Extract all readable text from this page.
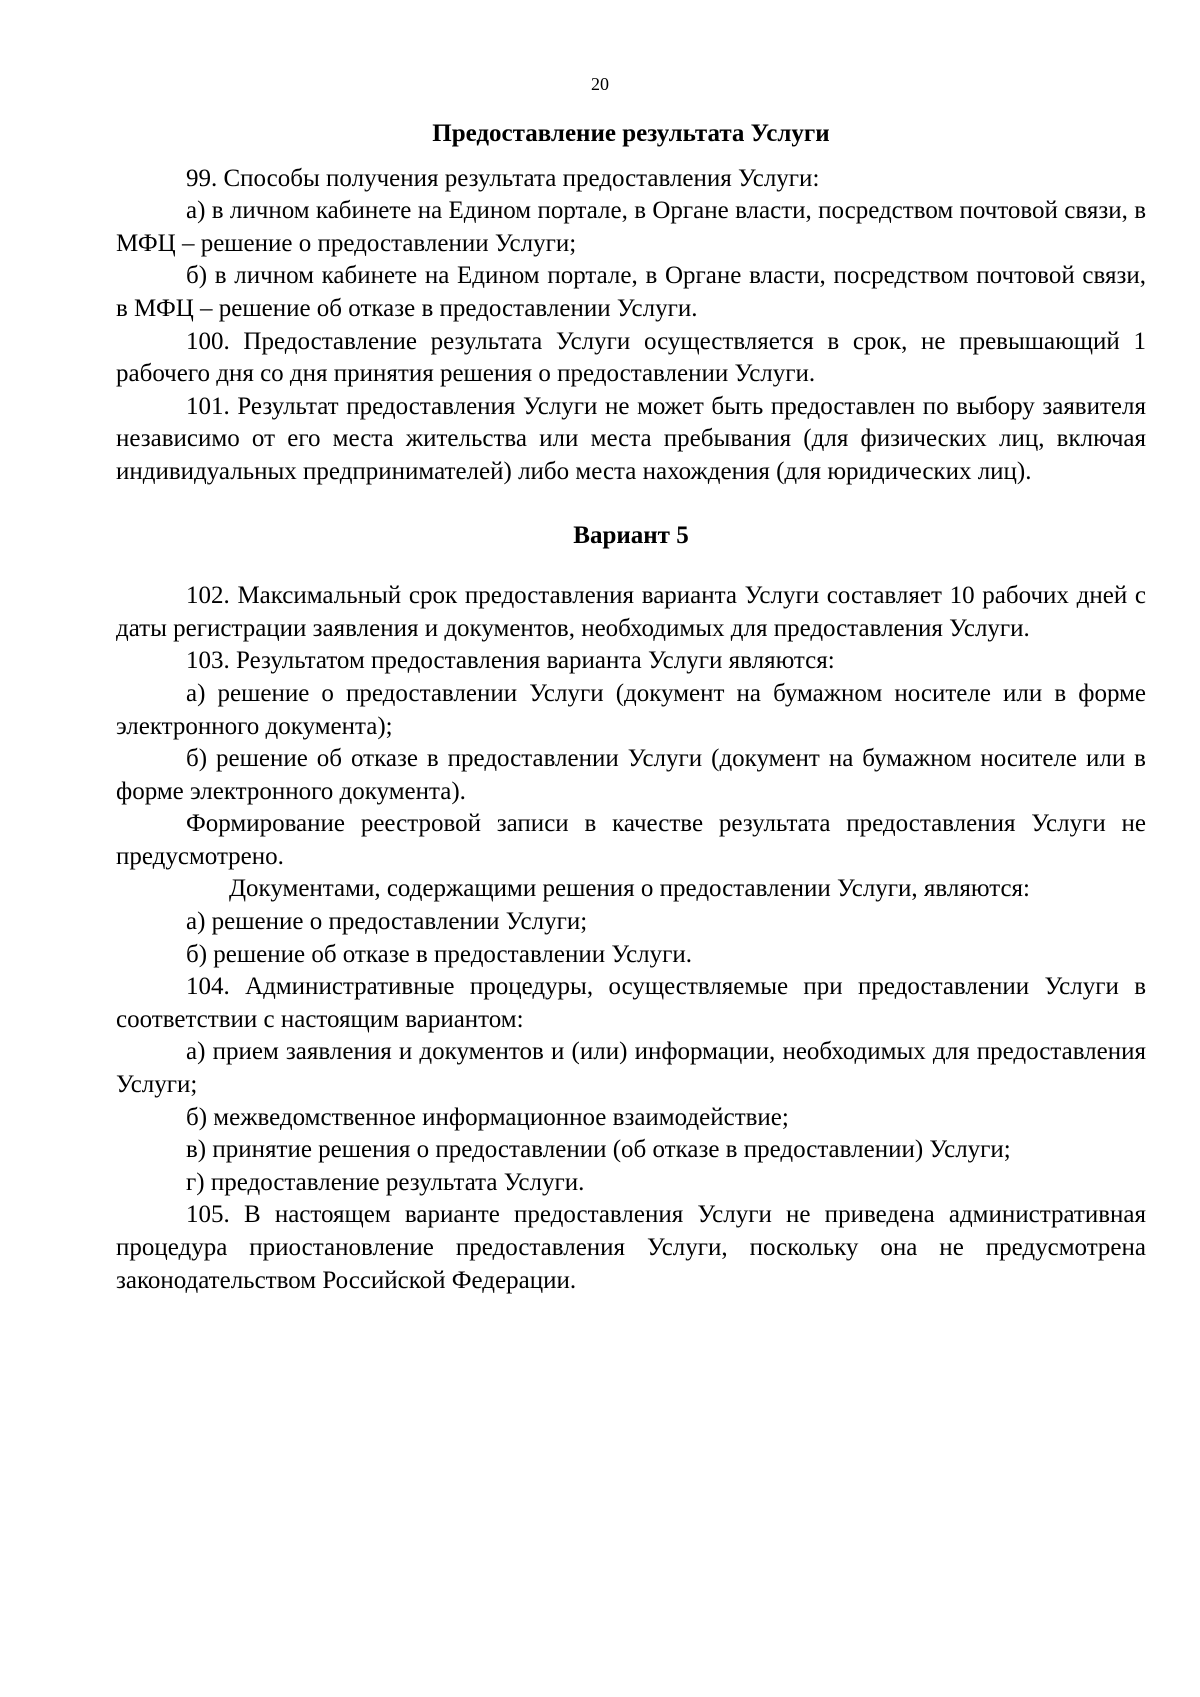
20
Предоставление результата Услуги

99. Способы получения результата предоставления Услуги:

а) в личном кабинете на Едином портале, в Органе власти, посредством почтовой связи, в МФЦ – решение о предоставлении Услуги;

б) в личном кабинете на Едином портале, в Органе власти, посредством почтовой связи, в МФЦ – решение об отказе в предоставлении Услуги.

100. Предоставление результата Услуги осуществляется в срок, не превышающий 1 рабочего дня со дня принятия решения о предоставлении Услуги.

101. Результат предоставления Услуги не может быть предоставлен по выбору заявителя независимо от его места жительства или места пребывания (для физических лиц, включая индивидуальных предпринимателей) либо места нахождения (для юридических лиц).

Вариант 5

102. Максимальный срок предоставления варианта Услуги составляет 10 рабочих дней с даты регистрации заявления и документов, необходимых для предоставления Услуги.

103. Результатом предоставления варианта Услуги являются:

а) решение о предоставлении Услуги (документ на бумажном носителе или в форме электронного документа);

б) решение об отказе в предоставлении Услуги (документ на бумажном носителе или в форме электронного документа).

Формирование реестровой записи в качестве результата предоставления Услуги не предусмотрено.

Документами, содержащими решения о предоставлении Услуги, являются:

а) решение о предоставлении Услуги;

б) решение об отказе в предоставлении Услуги.

104. Административные процедуры, осуществляемые при предоставлении Услуги в соответствии с настоящим вариантом:

а) прием заявления и документов и (или) информации, необходимых для предоставления Услуги;

б) межведомственное информационное взаимодействие;

в) принятие решения о предоставлении (об отказе в предоставлении) Услуги;

г) предоставление результата Услуги.

105. В настоящем варианте предоставления Услуги не приведена административная процедура приостановление предоставления Услуги, поскольку она не предусмотрена законодательством Российской Федерации.
